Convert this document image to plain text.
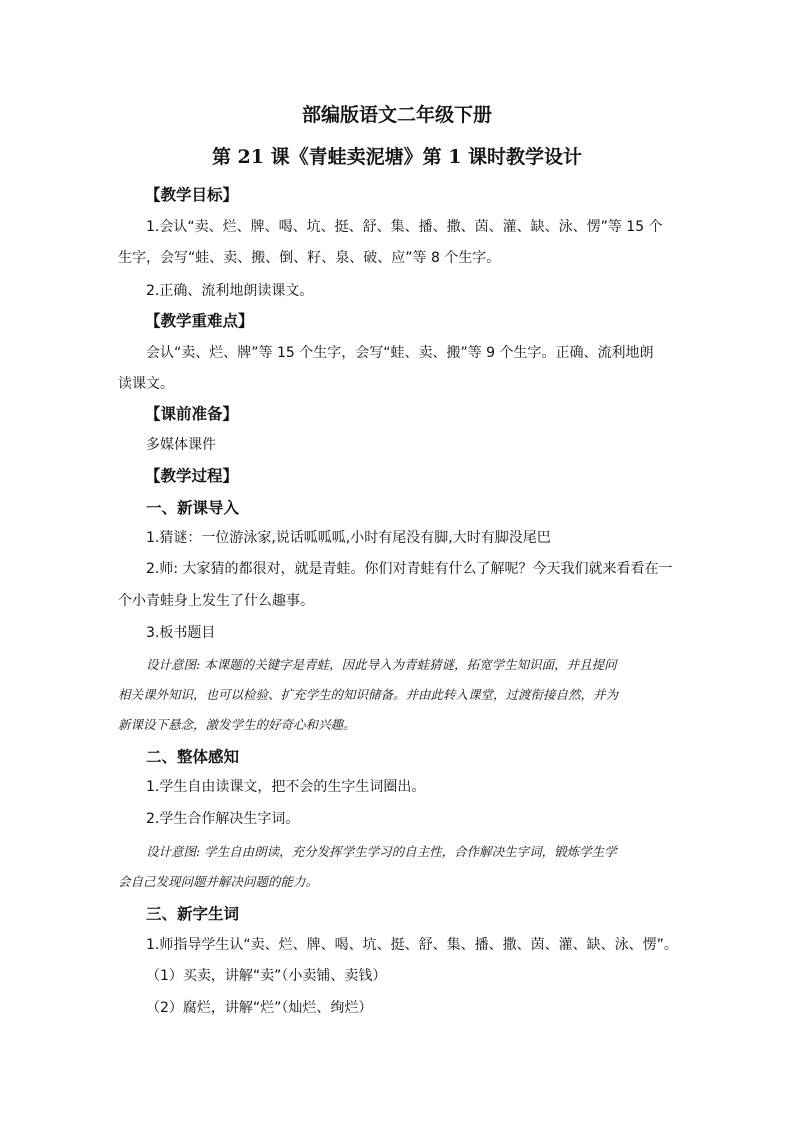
部编版语文二年级下册
第 21 课《青蛙卖泥塘》第 1 课时教学设计
【教学目标】
1.会认“卖、烂、牌、喝、坑、挺、舒、集、播、撒、茵、灌、缺、泳、愣”等 15 个
生字，会写“蛙、卖、搬、倒、籽、泉、破、应”等 8 个生字。
2.正确、流利地朗读课文。
【教学重难点】
会认“卖、烂、牌”等 15 个生字，会写“蛙、卖、搬”等 9 个生字。正确、流利地朗
读课文。
【课前准备】
多媒体课件
【教学过程】
一、新课导入
1.猜谜：一位游泳家,说话呱呱呱,小时有尾没有脚,大时有脚没尾巴
2.师: 大家猜的都很对，就是青蛙。你们对青蛙有什么了解呢？今天我们就来看看在一
个小青蛙身上发生了什么趣事。
3.板书题目
设计意图: 本课题的关键字是青蛙，因此导入为青蛙猜谜，拓宽学生知识面，并且提问
相关课外知识，也可以检验、扩充学生的知识储备。并由此转入课堂，过渡衔接自然，并为
新课设下悬念，激发学生的好奇心和兴趣。
二、整体感知
1.学生自由读课文，把不会的生字生词圈出。
2.学生合作解决生字词。
设计意图: 学生自由朗读，充分发挥学生学习的自主性，合作解决生字词，锻炼学生学
会自己发现问题并解决问题的能力。
三、新字生词
1.师指导学生认“卖、烂、牌、喝、坑、挺、舒、集、播、撒、茵、灌、缺、泳、愣”。
（1）买卖，讲解“卖”（小卖铺、卖钱）
（2）腐烂，讲解“烂”（灿烂、绚烂）
